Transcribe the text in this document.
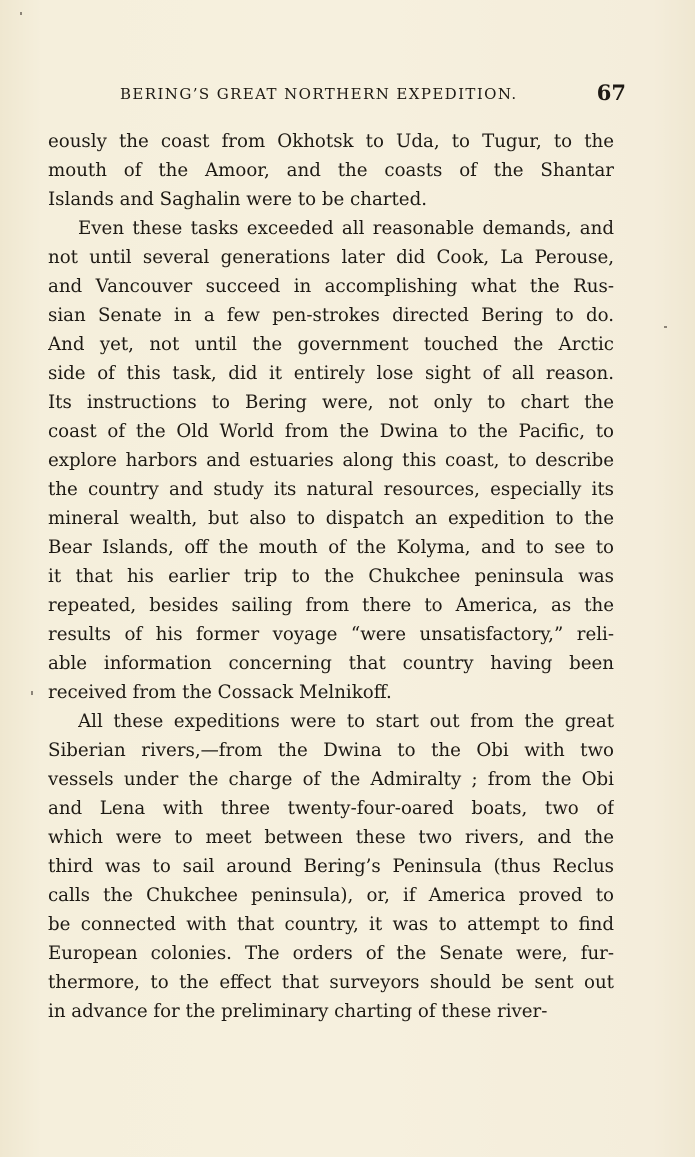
BERING’S GREAT NORTHERN EXPEDITION.	67
eously the coast from Okhotsk to Uda, to Tugur, to the
mouth of the Amoor, and the coasts of the Shantar
Islands and Saghalin were to be charted.
Even these tasks exceeded all reasonable demands, and
not until several generations later did Cook, La Perouse,
and Vancouver succeed in accomplishing what the Rus-
sian Senate in a few pen-strokes directed Bering to do.
And yet, not until the government touched the Arctic
side of this task, did it entirely lose sight of all reason.
Its instructions to Bering were, not only to chart the
coast of the Old World from the Dwina to the Pacific, to
explore harbors and estuaries along this coast, to describe
the country and study its natural resources, especially its
mineral wealth, but also to dispatch an expedition to the
Bear Islands, off the mouth of the Kolyma, and to see to
it that his earlier trip to the Chukchee peninsula was
repeated, besides sailing from there to America, as the
results of his former voyage “were unsatisfactory,” reli-
able information concerning that country having been
received from the Cossack Melnikoff.
All these expeditions were to start out from the great
Siberian rivers,—from the Dwina to the Obi with two
vessels under the charge of the Admiralty ; from the Obi
and Lena with three twenty-four-oared boats, two of
which were to meet between these two rivers, and the
third was to sail around Bering’s Peninsula (thus Reclus
calls the Chukchee peninsula), or, if America proved to
be connected with that country, it was to attempt to find
European colonies. The orders of the Senate were, fur-
thermore, to the effect that surveyors should be sent out
in advance for the preliminary charting of these river-
